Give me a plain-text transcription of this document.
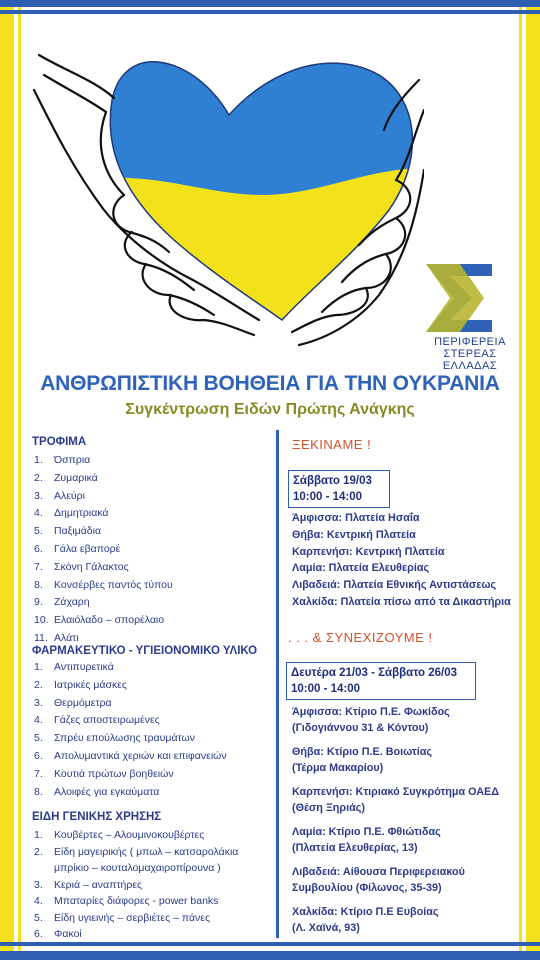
ΠΕΡΙΦΕΡΕΙΑ
ΣΤΕΡΕΑΣ
ΕΛΛΑΔΑΣ
ΑΝΘΡΩΠΙΣΤΙΚΗ ΒΟΗΘΕΙΑ ΓΙΑ ΤΗΝ ΟΥΚΡΑΝΙΑ
Συγκέντρωση Ειδών Πρώτης Ανάγκης
ΤΡΟΦΙΜΑ
1. Όσπρια
2. Ζυμαρικά
3. Αλεύρι
4. Δημητριακά
5. Παξιμάδια
6. Γάλα εβαπορέ
7. Σκόνη Γάλακτος
8. Κονσέρβες παντός τύπου
9. Ζάχαρη
10. Ελαιόλαδο – σπορέλαιο
11. Αλάτι
ΦΑΡΜΑΚΕΥΤΙΚΟ - ΥΓΙΕΙΟΝΟΜΙΚΟ ΥΛΙΚΟ
1. Αντιπυρετικά
2. Ιατρικές μάσκες
3. Θερμόμετρα
4. Γάζες αποστειρωμένες
5. Σπρέυ επούλωσης τραυμάτων
6. Απολυμαντικά χεριών και επιφανειών
7. Κουτιά πρώτων βοηθειών
8. Αλοιφές για εγκαύματα
ΕΙΔΗ ΓΕΝΙΚΗΣ ΧΡΗΣΗΣ
1. Κουβέρτες – Αλουμινοκουβέρτες
2. Είδη μαγειρικής ( μπωλ – κατσαρολάκια
μπρίκιο – κουταλομαχαιροπίρουνα )
3. Κεριά – αναπτήρες
4. Μπαταρίες διάφορες - power banks
5. Είδη υγιεινής – σερβιέτες – πάνες
6. Φακοί
ΞΕΚΙΝΑΜΕ !
Σάββατο 19/03
10:00 - 14:00
Άμφισσα: Πλατεία Ησαΐα
Θήβα: Κεντρική Πλατεία
Καρπενήσι: Κεντρική Πλατεία
Λαμία: Πλατεία Ελευθερίας
Λιβαδειά: Πλατεία Εθνικής Αντιστάσεως
Χαλκίδα: Πλατεία πίσω από τα Δικαστήρια
. . . & ΣΥΝΕΧΙΖΟΥΜΕ !
Δευτέρα 21/03 - Σάββατο 26/03
10:00 - 14:00
Άμφισσα: Κτίριο Π.Ε. Φωκίδος
(Γιδογιάννου 31 & Κόντου)
Θήβα: Κτίριο Π.Ε. Βοιωτίας
(Τέρμα Μακαρίου)
Καρπενήσι: Κτιριακό Συγκρότημα ΟΑΕΔ
(Θέση Ξηριάς)
Λαμία: Κτίριο Π.Ε. Φθιώτιδας
(Πλατεία Ελευθερίας, 13)
Λιβαδειά: Αίθουσα Περιφερειακού
Συμβουλίου (Φίλωνος, 35-39)
Χαλκίδα: Κτίριο Π.Ε Ευβοίας
(Λ. Χαϊνά, 93)
